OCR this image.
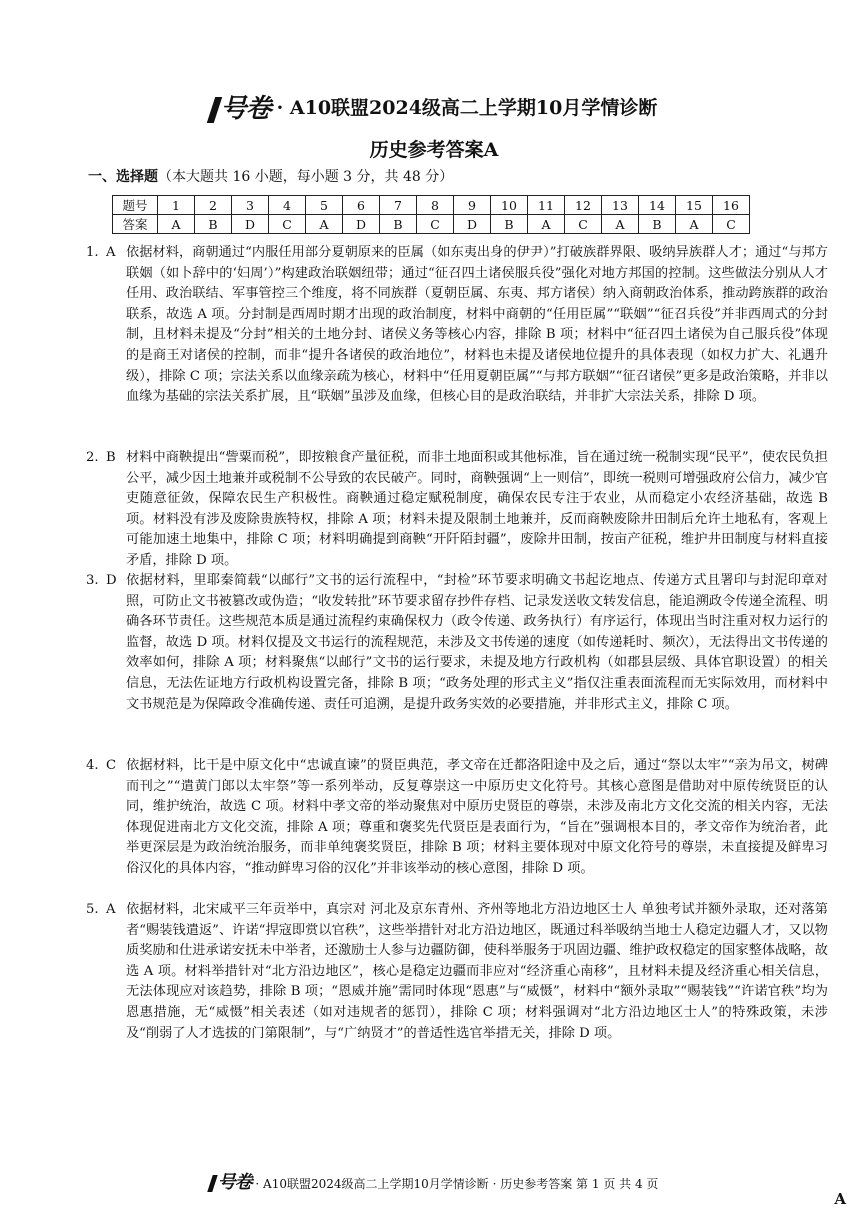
号卷 · A10联盟2024级高二上学期10月学情诊断
历史参考答案A
一、选择题（本大题共 16 小题，每小题 3 分，共 48 分）
题号	1	2	3	4	5	6	7	8	9	10	11	12	13	14	15	16
答案	A	B	D	C	A	D	B	C	D	B	A	C	A	B	A	C
1. A 依据材料，商朝通过“内服任用部分夏朝原来的臣属（如东夷出身的伊尹）”打破族群界限、吸纳异族群人才；通过“与邦方联姻（如卜辞中的‘妇周’）”构建政治联姻纽带；通过“征召四土诸侯服兵役”强化对地方邦国的控制。这些做法分别从人才任用、政治联结、军事管控三个维度，将不同族群（夏朝臣属、东夷、邦方诸侯）纳入商朝政治体系，推动跨族群的政治联系，故选 A 项。分封制是西周时期才出现的政治制度，材料中商朝的“任用臣属”“联姻”“征召兵役”并非西周式的分封制，且材料未提及“分封”相关的土地分封、诸侯义务等核心内容，排除 B 项；材料中“征召四土诸侯为自己服兵役”体现的是商王对诸侯的控制，而非“提升各诸侯的政治地位”，材料也未提及诸侯地位提升的具体表现（如权力扩大、礼遇升级），排除 C 项；宗法关系以血缘亲疏为核心，材料中“任用夏朝臣属”“与邦方联姻”“征召诸侯”更多是政治策略，并非以血缘为基础的宗法关系扩展，且“联姻”虽涉及血缘，但核心目的是政治联结，并非扩大宗法关系，排除 D 项。
2. B 材料中商鞅提出“訾粟而税”，即按粮食产量征税，而非土地面积或其他标准，旨在通过统一税制实现“民平”，使农民负担公平，减少因土地兼并或税制不公导致的农民破产。同时，商鞅强调“上一则信”，即统一税则可增强政府公信力，减少官吏随意征敛，保障农民生产积极性。商鞅通过稳定赋税制度，确保农民专注于农业，从而稳定小农经济基础，故选 B 项。材料没有涉及废除贵族特权，排除 A 项；材料未提及限制土地兼并，反而商鞅废除井田制后允许土地私有，客观上可能加速土地集中，排除 C 项；材料明确提到商鞅“开阡陌封疆”，废除井田制，按亩产征税，维护井田制度与材料直接矛盾，排除 D 项。
3. D 依据材料，里耶秦简载“以邮行”文书的运行流程中，“封检”环节要求明确文书起讫地点、传递方式且署印与封泥印章对照，可防止文书被篡改或伪造；“收发转批”环节要求留存抄件存档、记录发送收文转发信息，能追溯政令传递全流程、明确各环节责任。这些规范本质是通过流程约束确保权力（政令传递、政务执行）有序运行，体现出当时注重对权力运行的监督，故选 D 项。材料仅提及文书运行的流程规范，未涉及文书传递的速度（如传递耗时、频次），无法得出文书传递的效率如何，排除 A 项；材料聚焦“以邮行”文书的运行要求，未提及地方行政机构（如郡县层级、具体官职设置）的相关信息，无法佐证地方行政机构设置完备，排除 B 项；“政务处理的形式主义”指仅注重表面流程而无实际效用，而材料中文书规范是为保障政令准确传递、责任可追溯，是提升政务实效的必要措施，并非形式主义，排除 C 项。
4. C 依据材料，比干是中原文化中“忠诚直谏”的贤臣典范，孝文帝在迁都洛阳途中及之后，通过“祭以太牢”“亲为吊文，树碑而刊之”“遣黄门郎以太牢祭”等一系列举动，反复尊崇这一中原历史文化符号。其核心意图是借助对中原传统贤臣的认同，维护统治，故选 C 项。材料中孝文帝的举动聚焦对中原历史贤臣的尊崇，未涉及南北方文化交流的相关内容，无法体现促进南北方文化交流，排除 A 项；尊重和褒奖先代贤臣是表面行为，“旨在”强调根本目的，孝文帝作为统治者，此举更深层是为政治统治服务，而非单纯褒奖贤臣，排除 B 项；材料主要体现对中原文化符号的尊崇，未直接提及鲜卑习俗汉化的具体内容，“推动鲜卑习俗的汉化”并非该举动的核心意图，排除 D 项。
5. A 依据材料，北宋咸平三年贡举中，真宗对 河北及京东青州、齐州等地北方沿边地区士人 单独考试并额外录取，还对落第者“赐装钱遣返”、许诺“捍寇即赏以官秩”，这些举措针对北方沿边地区，既通过科举吸纳当地士人稳定边疆人才，又以物质奖励和仕进承诺安抚未中举者，还激励士人参与边疆防御，使科举服务于巩固边疆、维护政权稳定的国家整体战略，故选 A 项。材料举措针对“北方沿边地区”，核心是稳定边疆而非应对“经济重心南移”，且材料未提及经济重心相关信息，无法体现应对该趋势，排除 B 项；“恩威并施”需同时体现“恩惠”与“威慑”，材料中“额外录取”“赐装钱”“许诺官秩”均为恩惠措施，无“威慑”相关表述（如对违规者的惩罚），排除 C 项；材料强调对“北方沿边地区士人”的特殊政策，未涉及“削弱了人才选拔的门第限制”，与“广纳贤才”的普适性选官举措无关，排除 D 项。
号卷 · A10联盟2024级高二上学期10月学情诊断 · 历史参考答案 第 1 页 共 4 页
A
